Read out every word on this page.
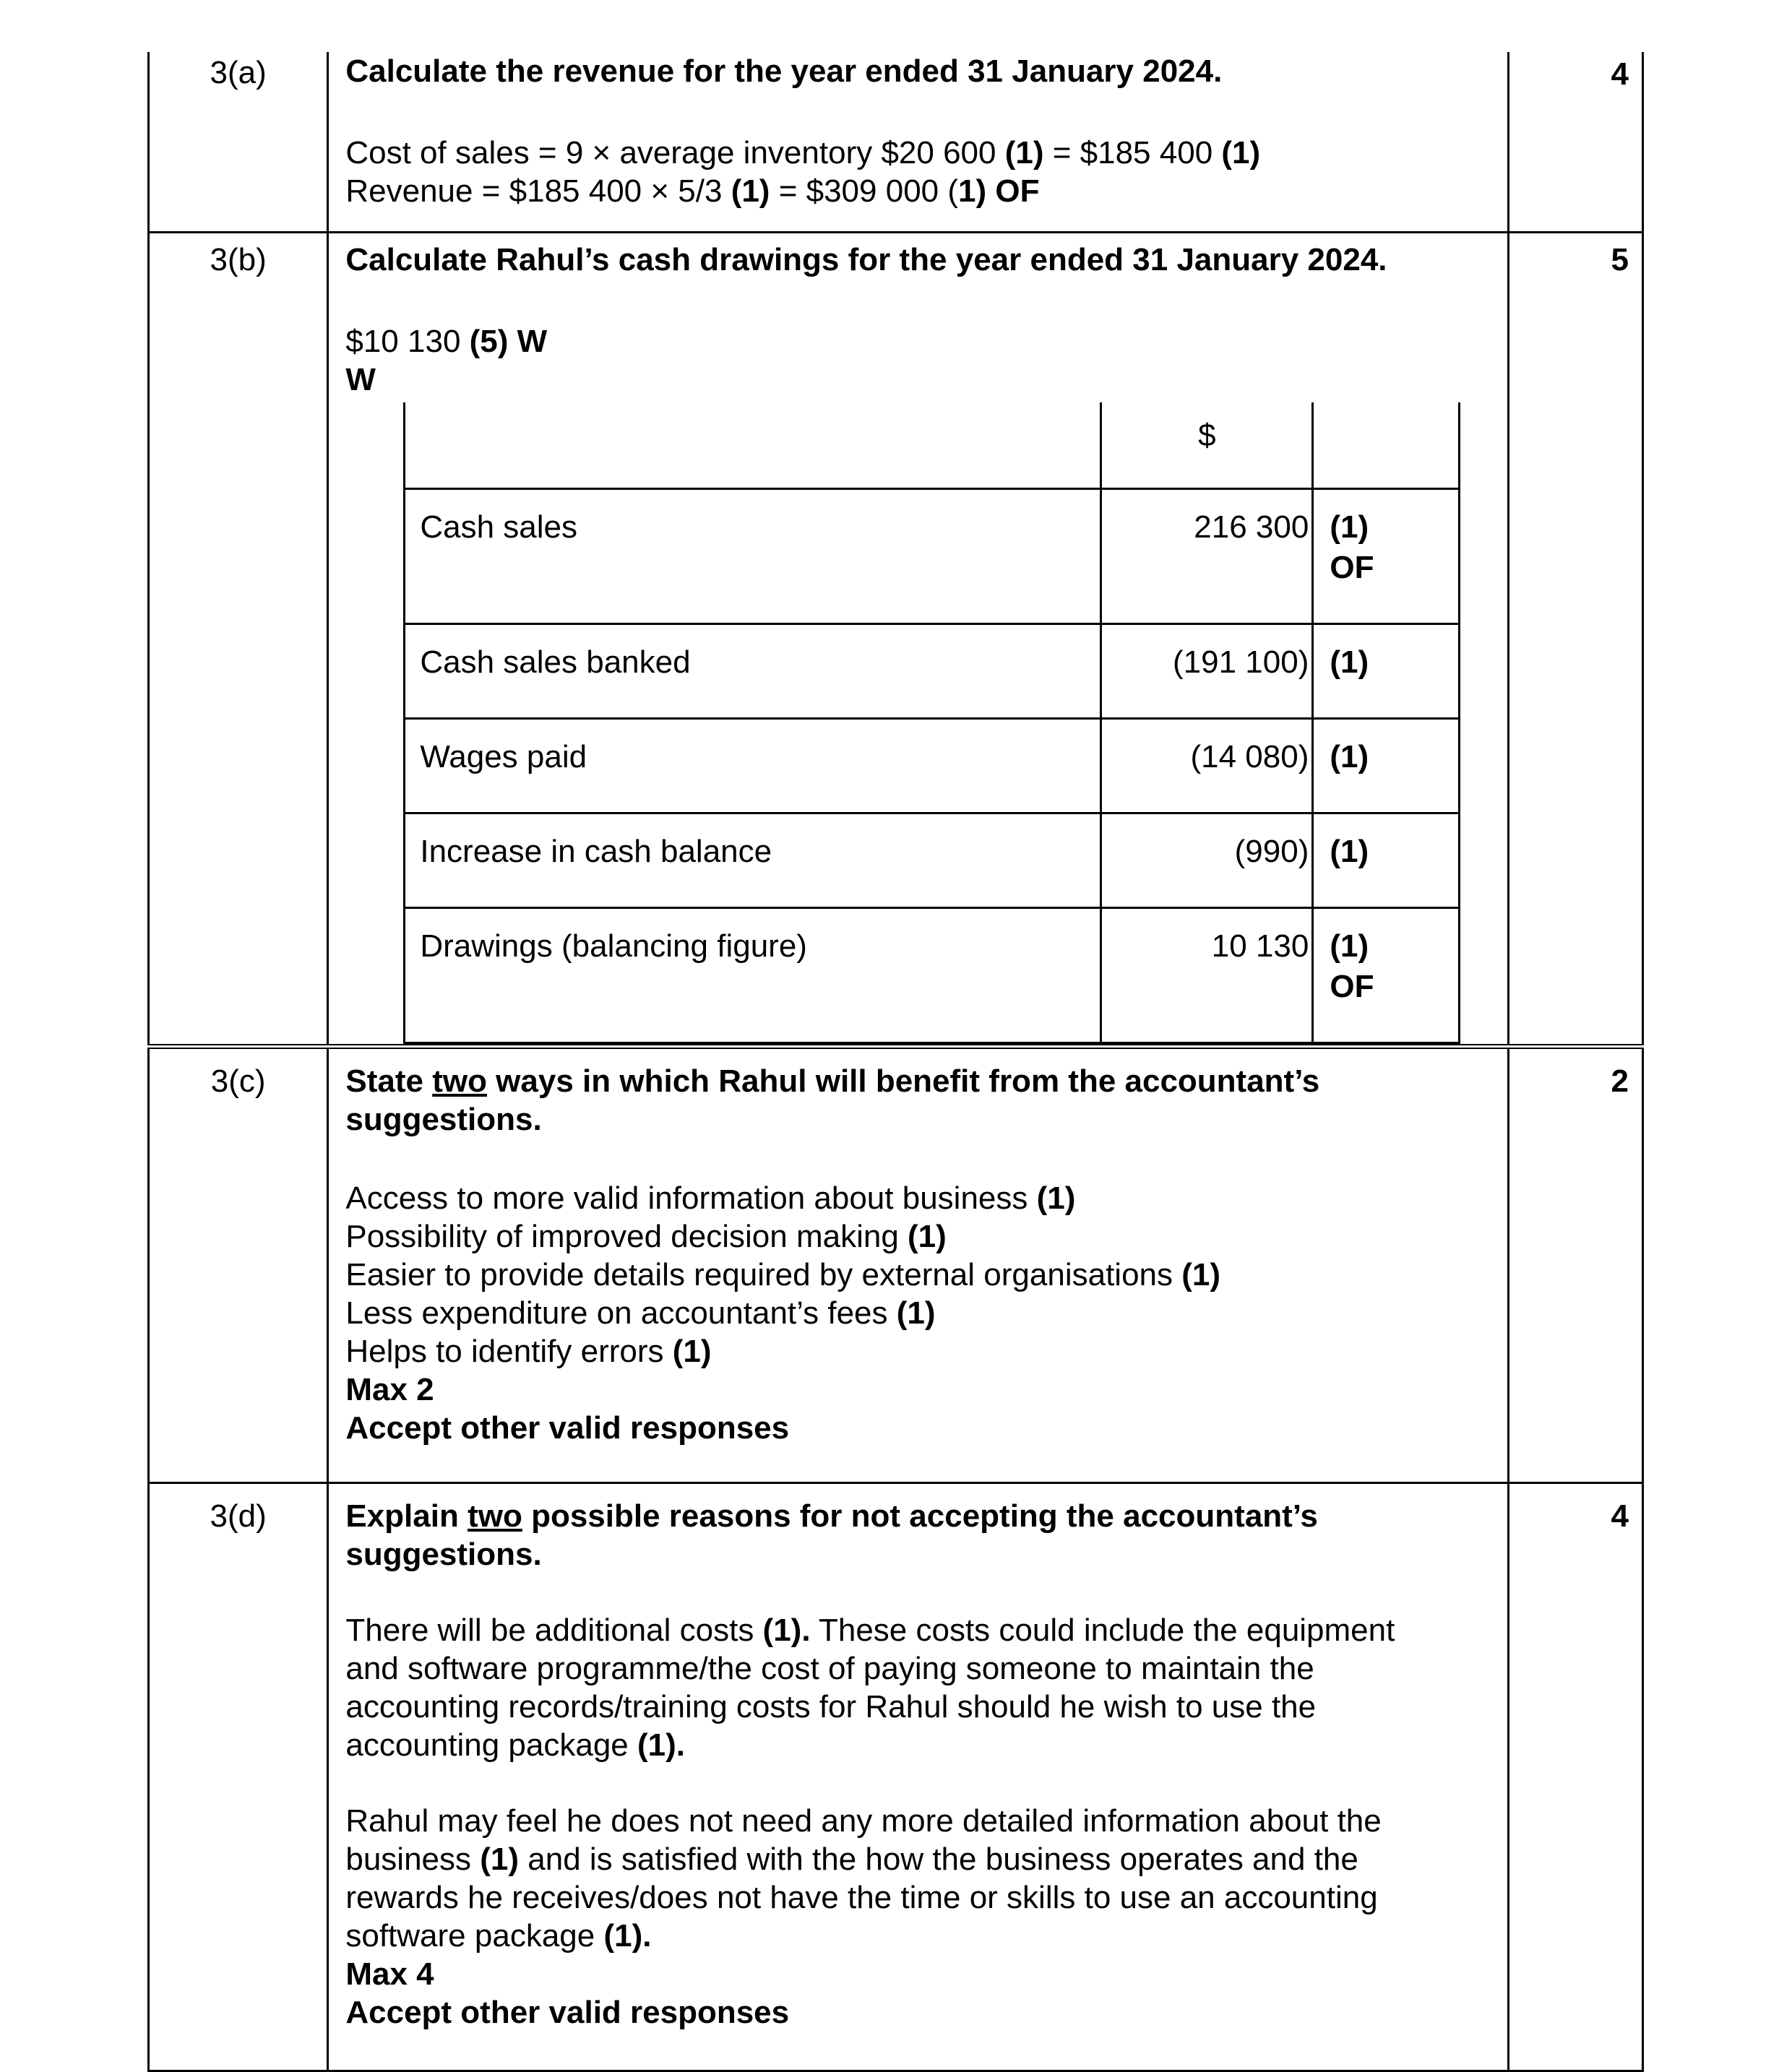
3(a)	Calculate the revenue for the year ended 31 January 2024.
Cost of sales = 9 × average inventory $20 600 (1) = $185 400 (1)
Revenue = $185 400 × 5/3 (1) = $309 000 (1) OF
	4
3(b)	Calculate Rahul’s cash drawings for the year ended 31 January 2024.
$10 130 (5) W
W
	$	
Cash sales	216 300	(1)
OF

Cash sales banked	(191 100)	(1)
Wages paid	(14 080)	(1)
Increase in cash balance	(990)	(1)
Drawings (balancing figure)	10 130	(1)
OF
	5
3(c)	State two ways in which Rahul will benefit from the accountant’s
suggestions.
Access to more valid information about business (1)
Possibility of improved decision making (1)
Easier to provide details required by external organisations (1)
Less expenditure on accountant’s fees (1)
Helps to identify errors (1)
Max 2
Accept other valid responses
	2
3(d)	Explain two possible reasons for not accepting the accountant’s
suggestions.
There will be additional costs (1). These costs could include the equipment
and software programme/the cost of paying someone to maintain the
accounting records/training costs for Rahul should he wish to use the
accounting package (1).
Rahul may feel he does not need any more detailed information about the
business (1) and is satisfied with the how the business operates and the
rewards he receives/does not have the time or skills to use an accounting
software package (1).
Max 4
Accept other valid responses
	4
